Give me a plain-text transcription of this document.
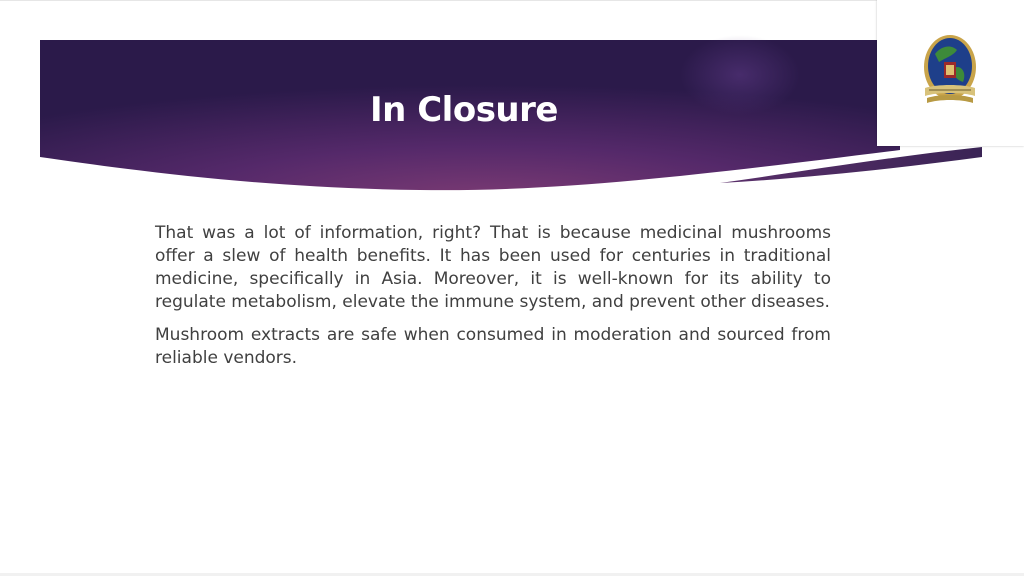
In Closure

That was a lot of information, right? That is because medicinal mushrooms offer a slew of health benefits. It has been used for centuries in traditional medicine, specifically in Asia. Moreover, it is well-known for its ability to regulate metabolism, elevate the immune system, and prevent other diseases.

Mushroom extracts are safe when consumed in moderation and sourced from reliable vendors.
